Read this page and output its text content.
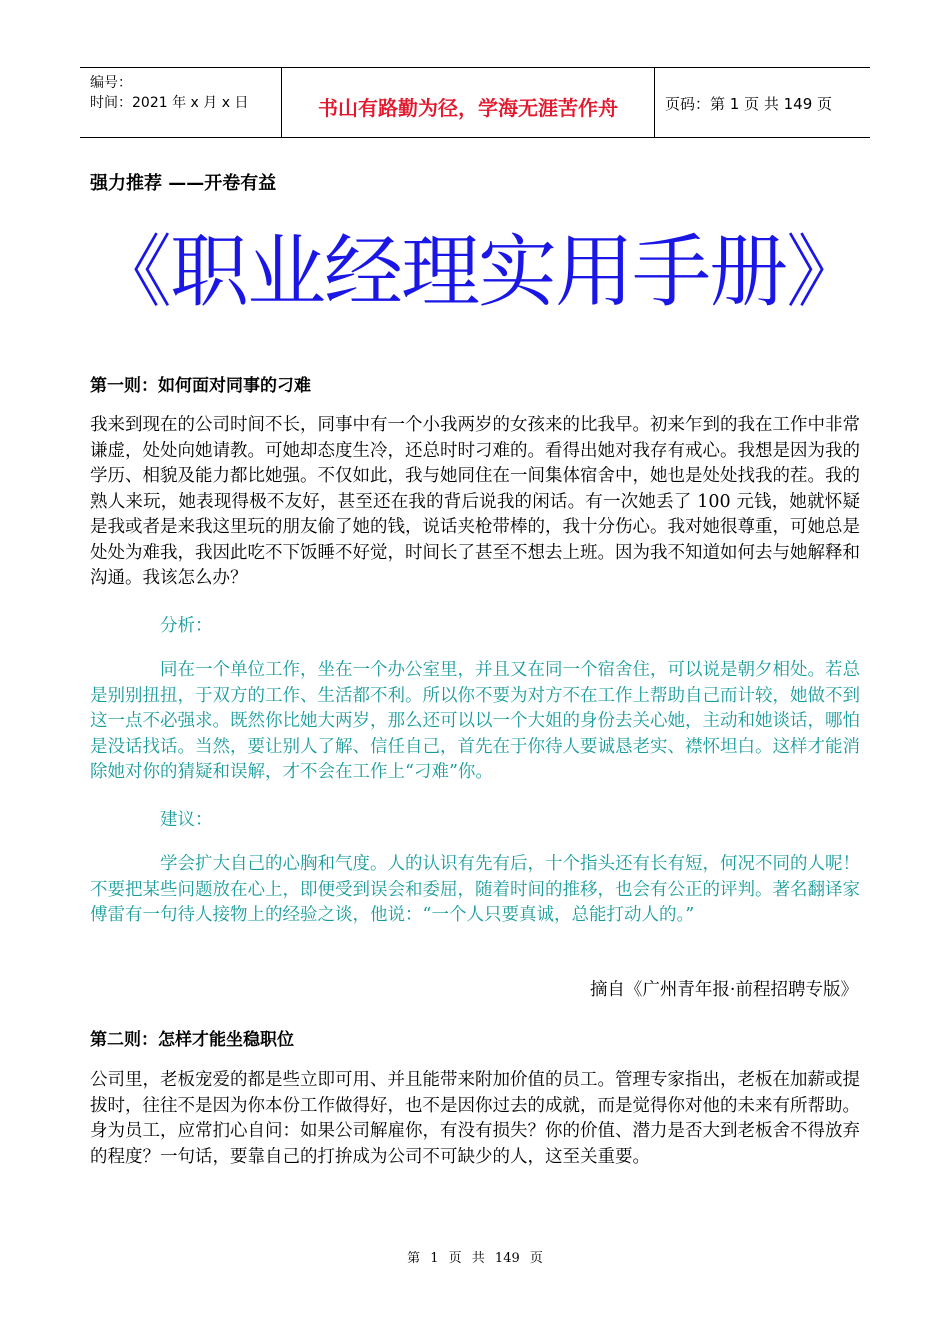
编号：
时间：2021 年 x 月 x 日	书山有路勤为径，学海无涯苦作舟	页码：第 1 页 共 149 页
强力推荐 ——开卷有益
《职业经理实用手册》
第一则：如何面对同事的刁难
我来到现在的公司时间不长，同事中有一个小我两岁的女孩来的比我早。初来乍到的我在工作中非常谦虚，处处向她请教。可她却态度生冷，还总时时刁难的。看得出她对我存有戒心。我想是因为我的学历、相貌及能力都比她强。不仅如此，我与她同住在一间集体宿舍中，她也是处处找我的茬。我的熟人来玩，她表现得极不友好，甚至还在我的背后说我的闲话。有一次她丢了 100 元钱，她就怀疑是我或者是来我这里玩的朋友偷了她的钱，说话夹枪带棒的，我十分伤心。我对她很尊重，可她总是处处为难我，我因此吃不下饭睡不好觉，时间长了甚至不想去上班。因为我不知道如何去与她解释和沟通。我该怎么办？
分析：
同在一个单位工作，坐在一个办公室里，并且又在同一个宿舍住，可以说是朝夕相处。若总是别别扭扭，于双方的工作、生活都不利。所以你不要为对方不在工作上帮助自己而计较，她做不到这一点不必强求。既然你比她大两岁，那么还可以以一个大姐的身份去关心她，主动和她谈话，哪怕是没话找话。当然，要让别人了解、信任自己，首先在于你待人要诚恳老实、襟怀坦白。这样才能消除她对你的猜疑和误解，才不会在工作上“刁难”你。
建议：
学会扩大自己的心胸和气度。人的认识有先有后，十个指头还有长有短，何况不同的人呢！不要把某些问题放在心上，即便受到误会和委屈，随着时间的推移，也会有公正的评判。著名翻译家傅雷有一句待人接物上的经验之谈，他说：“一个人只要真诚，总能打动人的。”
摘自《广州青年报·前程招聘专版》
第二则：怎样才能坐稳职位
公司里，老板宠爱的都是些立即可用、并且能带来附加价值的员工。管理专家指出，老板在加薪或提拔时，往往不是因为你本份工作做得好，也不是因你过去的成就，而是觉得你对他的未来有所帮助。身为员工，应常扪心自问：如果公司解雇你，有没有损失？你的价值、潜力是否大到老板舍不得放弃的程度？一句话，要靠自己的打拚成为公司不可缺少的人，这至关重要。
第 1 页 共 149 页
